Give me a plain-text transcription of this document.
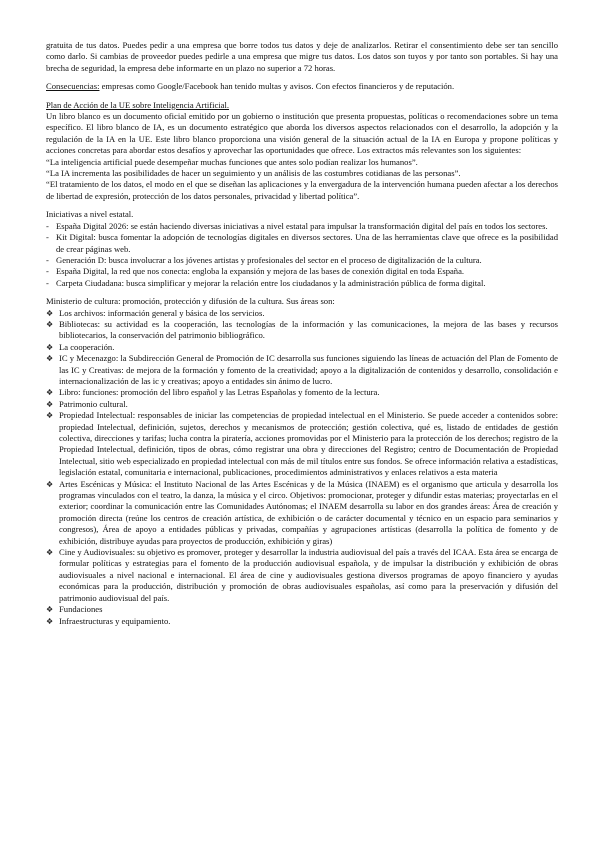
gratuita de tus datos. Puedes pedir a una empresa que borre todos tus datos y deje de analizarlos. Retirar el consentimiento debe ser tan sencillo como darlo. Si cambias de proveedor puedes pedirle a una empresa que migre tus datos. Los datos son tuyos y por tanto son portables. Si hay una brecha de seguridad, la empresa debe informarte en un plazo no superior a 72 horas.

Consecuencias: empresas como Google/Facebook han tenido multas y avisos. Con efectos financieros y de reputación.

Plan de Acción de la UE sobre Inteligencia Artificial.

Un libro blanco es un documento oficial emitido por un gobierno o institución que presenta propuestas, políticas o recomendaciones sobre un tema específico. El libro blanco de IA, es un documento estratégico que aborda los diversos aspectos relacionados con el desarrollo, la adopción y la regulación de la IA en la UE. Este libro blanco proporciona una visión general de la situación actual de la IA en Europa y propone políticas y acciones concretas para abordar estos desafíos y aprovechar las oportunidades que ofrece. Los extractos más relevantes son los siguientes:

“La inteligencia artificial puede desempeñar muchas funciones que antes solo podían realizar los humanos”.

“La IA incrementa las posibilidades de hacer un seguimiento y un análisis de las costumbres cotidianas de las personas”.

“El tratamiento de los datos, el modo en el que se diseñan las aplicaciones y la envergadura de la intervención humana pueden afectar a los derechos de libertad de expresión, protección de los datos personales, privacidad y libertad política”.

Iniciativas a nivel estatal.

- España Digital 2026: se están haciendo diversas iniciativas a nivel estatal para impulsar la transformación digital del país en todos los sectores.
- Kit Digital: busca fomentar la adopción de tecnologías digitales en diversos sectores. Una de las herramientas clave que ofrece es la posibilidad de crear páginas web.
- Generación D: busca involucrar a los jóvenes artistas y profesionales del sector en el proceso de digitalización de la cultura.
- España Digital, la red que nos conecta: engloba la expansión y mejora de las bases de conexión digital en toda España.
- Carpeta Ciudadana: busca simplificar y mejorar la relación entre los ciudadanos y la administración pública de forma digital.

Ministerio de cultura: promoción, protección y difusión de la cultura. Sus áreas son:

❖ Los archivos: información general y básica de los servicios.
❖ Bibliotecas: su actividad es la cooperación, las tecnologías de la información y las comunicaciones, la mejora de las bases y recursos bibliotecarios, la conservación del patrimonio bibliográfico.
❖ La cooperación.
❖ IC y Mecenazgo: la Subdirección General de Promoción de IC desarrolla sus funciones siguiendo las líneas de actuación del Plan de Fomento de las IC y Creativas: de mejora de la formación y fomento de la creatividad; apoyo a la digitalización de contenidos y desarrollo, consolidación e internacionalización de las ic y creativas; apoyo a entidades sin ánimo de lucro.
❖ Libro: funciones: promoción del libro español y las Letras Españolas y fomento de la lectura.
❖ Patrimonio cultural.
❖ Propiedad Intelectual: responsables de iniciar las competencias de propiedad intelectual en el Ministerio. Se puede acceder a contenidos sobre: propiedad Intelectual, definición, sujetos, derechos y mecanismos de protección; gestión colectiva, qué es, listado de entidades de gestión colectiva, direcciones y tarifas; lucha contra la piratería, acciones promovidas por el Ministerio para la protección de los derechos; registro de la Propiedad Intelectual, definición, tipos de obras, cómo registrar una obra y direcciones del Registro; centro de Documentación de Propiedad Intelectual, sitio web especializado en propiedad intelectual con más de mil títulos entre sus fondos. Se ofrece información relativa a estadísticas, legislación estatal, comunitaria e internacional, publicaciones, procedimientos administrativos y enlaces relativos a esta materia
❖ Artes Escénicas y Música: el Instituto Nacional de las Artes Escénicas y de la Música (INAEM) es el organismo que articula y desarrolla los programas vinculados con el teatro, la danza, la música y el circo. Objetivos: promocionar, proteger y difundir estas materias; proyectarlas en el exterior; coordinar la comunicación entre las Comunidades Autónomas; el INAEM desarrolla su labor en dos grandes áreas: Área de creación y promoción directa (reúne los centros de creación artística, de exhibición o de carácter documental y técnico en un espacio para seminarios y congresos), Área de apoyo a entidades públicas y privadas, compañías y agrupaciones artísticas (desarrolla la política de fomento y de exhibición, distribuye ayudas para proyectos de producción, exhibición y giras)
❖ Cine y Audiovisuales: su objetivo es promover, proteger y desarrollar la industria audiovisual del país a través del ICAA. Esta área se encarga de formular políticas y estrategias para el fomento de la producción audiovisual española, y de impulsar la distribución y exhibición de obras audiovisuales a nivel nacional e internacional. El área de cine y audiovisuales gestiona diversos programas de apoyo financiero y ayudas económicas para la producción, distribución y promoción de obras audiovisuales españolas, así como para la preservación y difusión del patrimonio audiovisual del país.
❖ Fundaciones
❖ Infraestructuras y equipamiento.
